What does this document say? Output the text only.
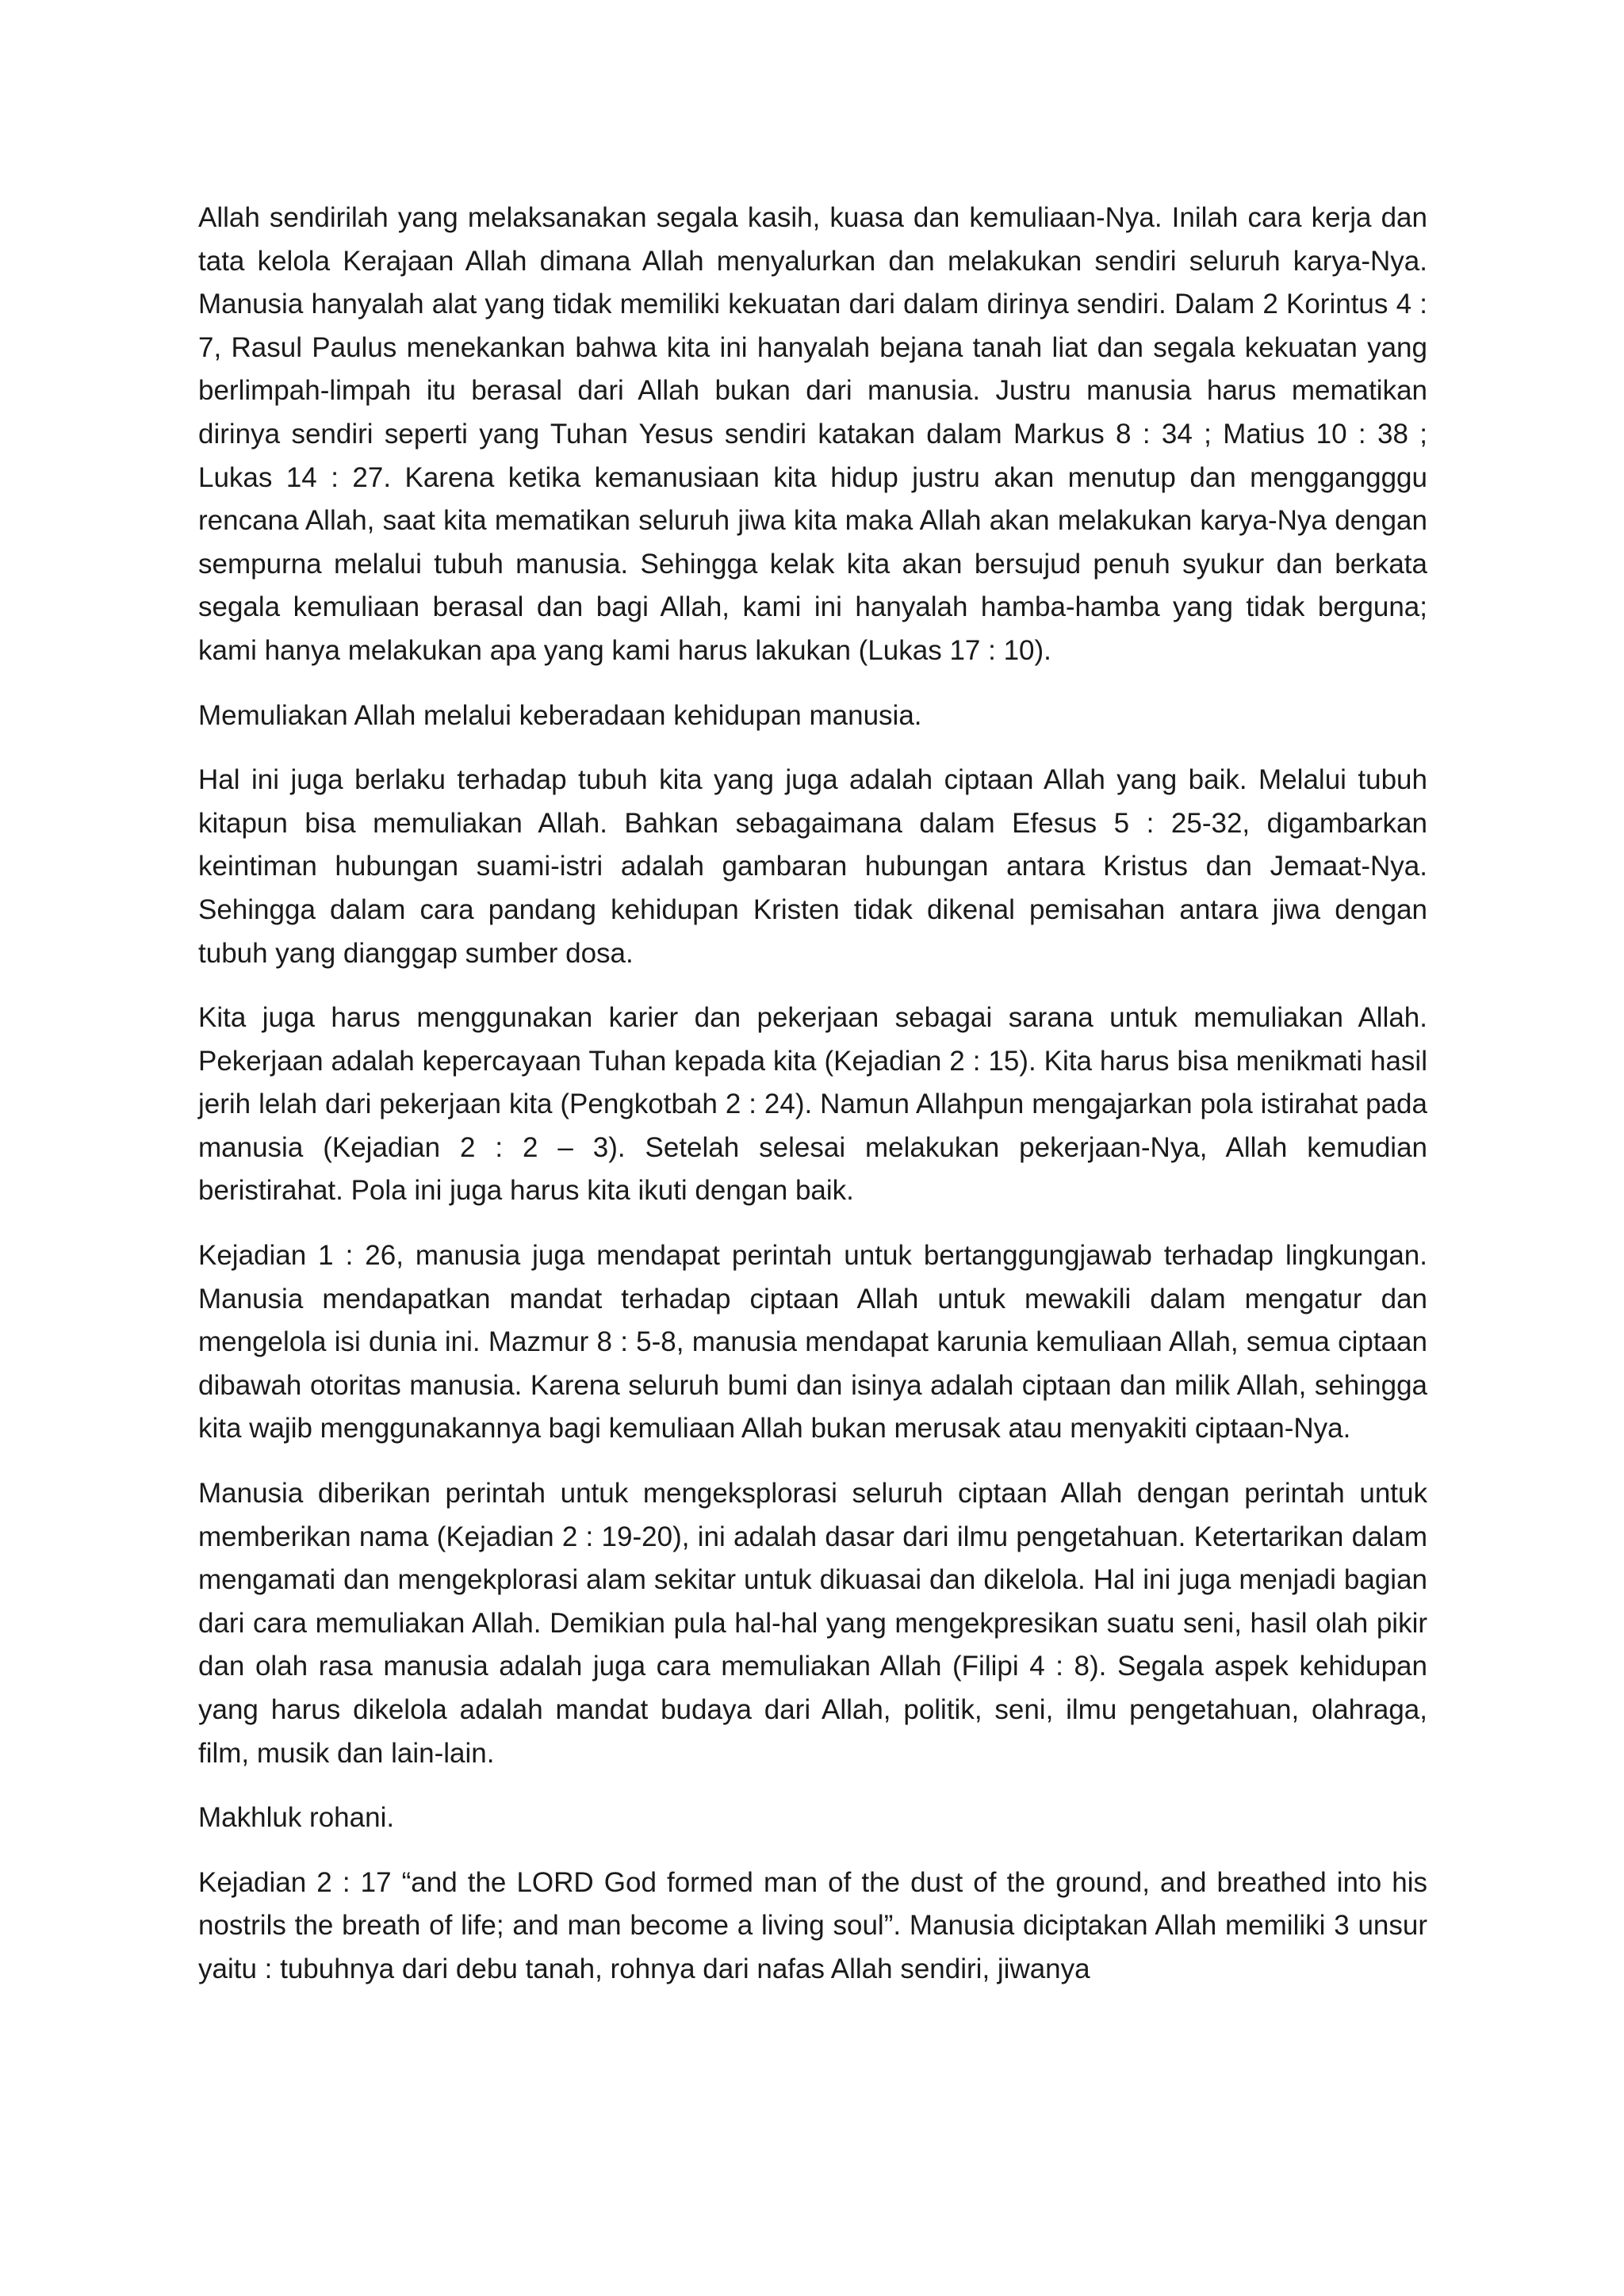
Allah sendirilah yang melaksanakan segala kasih, kuasa dan kemuliaan-Nya. Inilah cara kerja dan tata kelola Kerajaan Allah dimana Allah menyalurkan dan melakukan sendiri seluruh karya-Nya. Manusia hanyalah alat yang tidak memiliki kekuatan dari dalam dirinya sendiri. Dalam 2 Korintus 4 : 7, Rasul Paulus menekankan bahwa kita ini hanyalah bejana tanah liat dan segala kekuatan yang berlimpah-limpah itu berasal dari Allah bukan dari manusia. Justru manusia harus mematikan dirinya sendiri seperti yang Tuhan Yesus sendiri katakan dalam Markus 8 : 34 ; Matius 10 : 38 ; Lukas 14 : 27. Karena ketika kemanusiaan kita hidup justru akan menutup dan menggangggu rencana Allah, saat kita mematikan seluruh jiwa kita maka Allah akan melakukan karya-Nya dengan sempurna melalui tubuh manusia. Sehingga kelak kita akan bersujud penuh syukur dan berkata segala kemuliaan berasal dan bagi Allah, kami ini hanyalah hamba-hamba yang tidak berguna; kami hanya melakukan apa yang kami harus lakukan (Lukas 17 : 10).

Memuliakan Allah melalui keberadaan kehidupan manusia.

Hal ini juga berlaku terhadap tubuh kita yang juga adalah ciptaan Allah yang baik. Melalui tubuh kitapun bisa memuliakan Allah. Bahkan sebagaimana dalam Efesus 5 : 25-32, digambarkan keintiman hubungan suami-istri adalah gambaran hubungan antara Kristus dan Jemaat-Nya. Sehingga dalam cara pandang kehidupan Kristen tidak dikenal pemisahan antara jiwa dengan tubuh yang dianggap sumber dosa.

Kita juga harus menggunakan karier dan pekerjaan sebagai sarana untuk memuliakan Allah. Pekerjaan adalah kepercayaan Tuhan kepada kita (Kejadian 2 : 15). Kita harus bisa menikmati hasil jerih lelah dari pekerjaan kita (Pengkotbah 2 : 24). Namun Allahpun mengajarkan pola istirahat pada manusia (Kejadian 2 : 2 – 3). Setelah selesai melakukan pekerjaan-Nya, Allah kemudian beristirahat. Pola ini juga harus kita ikuti dengan baik.

Kejadian 1 : 26, manusia juga mendapat perintah untuk bertanggungjawab terhadap lingkungan. Manusia mendapatkan mandat terhadap ciptaan Allah untuk mewakili dalam mengatur dan mengelola isi dunia ini. Mazmur 8 : 5-8, manusia mendapat karunia kemuliaan Allah, semua ciptaan dibawah otoritas manusia. Karena seluruh bumi dan isinya adalah ciptaan dan milik Allah, sehingga kita wajib menggunakannya bagi kemuliaan Allah bukan merusak atau menyakiti ciptaan-Nya.

Manusia diberikan perintah untuk mengeksplorasi seluruh ciptaan Allah dengan perintah untuk memberikan nama (Kejadian 2 : 19-20), ini adalah dasar dari ilmu pengetahuan. Ketertarikan dalam mengamati dan mengekplorasi alam sekitar untuk dikuasai dan dikelola. Hal ini juga menjadi bagian dari cara memuliakan Allah. Demikian pula hal-hal yang mengekpresikan suatu seni, hasil olah pikir dan olah rasa manusia adalah juga cara memuliakan Allah (Filipi 4 : 8). Segala aspek kehidupan yang harus dikelola adalah mandat budaya dari Allah, politik, seni, ilmu pengetahuan, olahraga, film, musik dan lain-lain.

Makhluk rohani.

Kejadian 2 : 17 “and the LORD God formed man of the dust of the ground, and breathed into his nostrils the breath of life; and man become a living soul”. Manusia diciptakan Allah memiliki 3 unsur yaitu : tubuhnya dari debu tanah, rohnya dari nafas Allah sendiri, jiwanya
